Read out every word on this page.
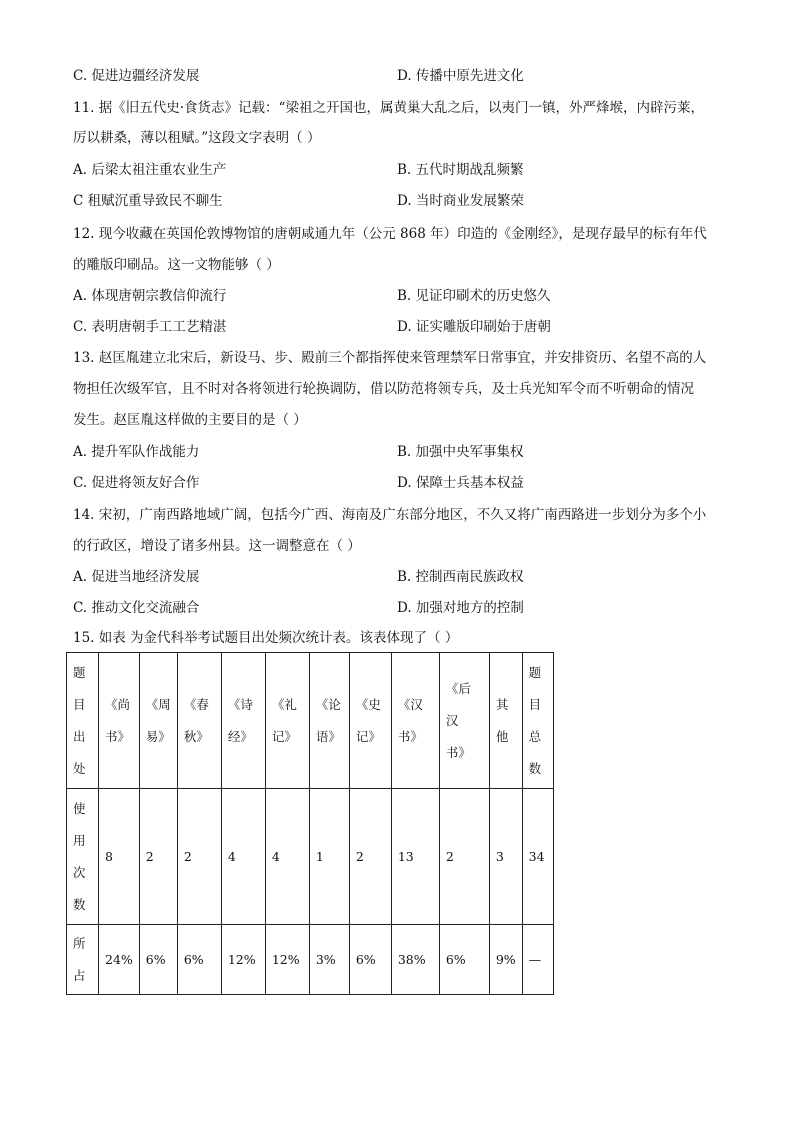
C. 促进边疆经济发展	D. 传播中原先进文化
11. 据《旧五代史·食货志》记载：“梁祖之开国也，属黄巢大乱之后，以夷门一镇，外严烽堠，内辟污莱，
厉以耕桑，薄以租赋。”这段文字表明（ ）
A. 后梁太祖注重农业生产	B. 五代时期战乱频繁
C 租赋沉重导致民不聊生	D. 当时商业发展繁荣
12. 现今收藏在英国伦敦博物馆的唐朝咸通九年（公元 868 年）印造的《金刚经》，是现存最早的标有年代
的雕版印刷品。这一文物能够（ ）
A. 体现唐朝宗教信仰流行	B. 见证印刷术的历史悠久
C. 表明唐朝手工工艺精湛	D. 证实雕版印刷始于唐朝
13. 赵匡胤建立北宋后，新设马、步、殿前三个都指挥使来管理禁军日常事宜，并安排资历、名望不高的人
物担任次级军官，且不时对各将领进行轮换调防，借以防范将领专兵，及士兵光知军令而不听朝命的情况
发生。赵匡胤这样做的主要目的是（ ）
A. 提升军队作战能力	B. 加强中央军事集权
C. 促进将领友好合作	D. 保障士兵基本权益
14. 宋初，广南西路地域广阔，包括今广西、海南及广东部分地区，不久又将广南西路进一步划分为多个小
的行政区，增设了诸多州县。这一调整意在（ ）
A. 促进当地经济发展	B. 控制西南民族政权
C. 推动文化交流融合	D. 加强对地方的控制
15. 如表 为金代科举考试题目出处频次统计表。该表体现了（ ）
题目出处	《尚书》	《周易》	《春秋》	《诗经》	《礼记》	《论语》	《史记》	《汉书》	《后汉书》	其他	题目总数

使用次数	8	2	2	4	4	1	2	13	2	3	34

所占	24%	6%	6%	12%	12%	3%	6%	38%	6%	9%	—
